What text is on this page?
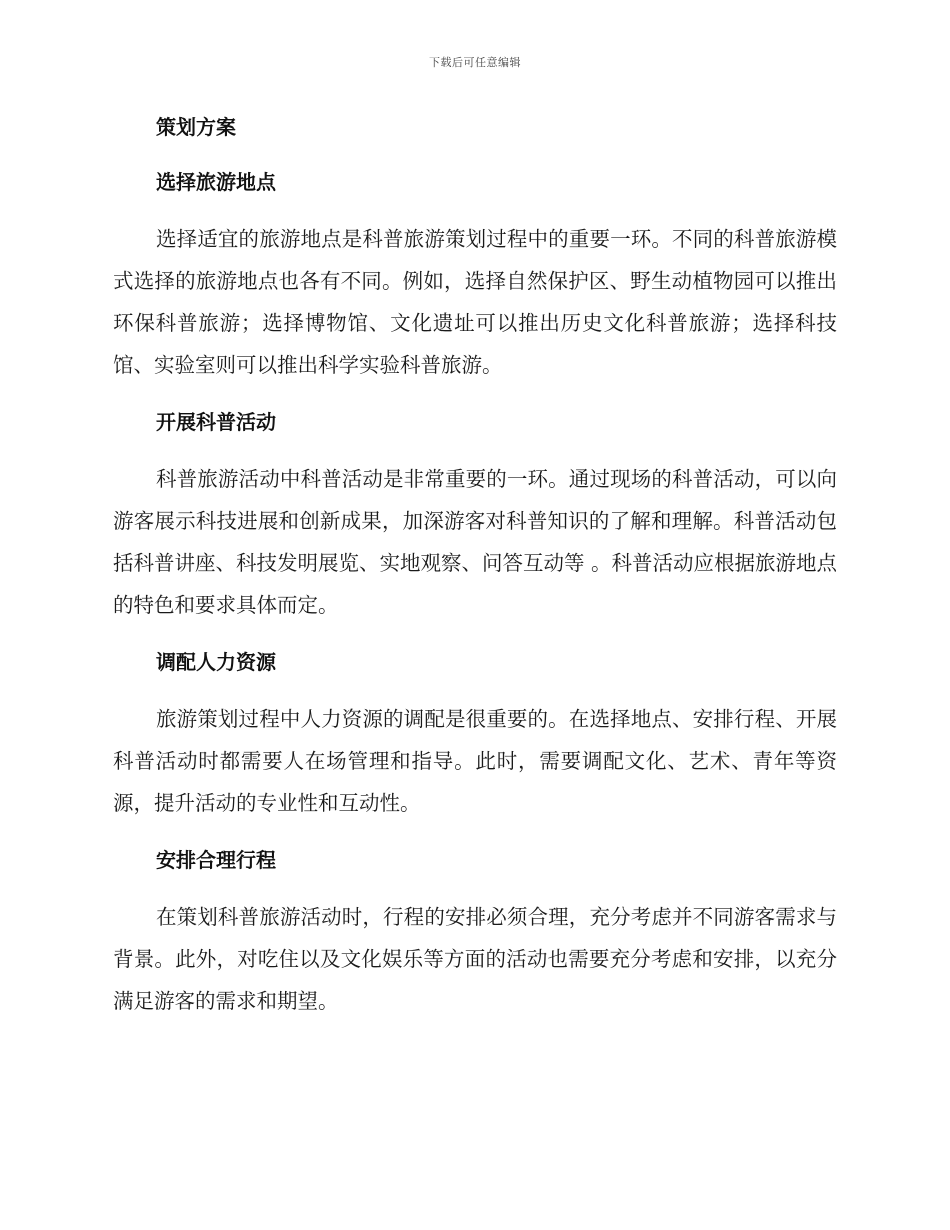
下载后可任意编辑
策划方案
选择旅游地点

选择适宜的旅游地点是科普旅游策划过程中的重要一环。不同的科普旅游模式选择的旅游地点也各有不同。例如，选择自然保护区、野生动植物园可以推出环保科普旅游；选择博物馆、文化遗址可以推出历史文化科普旅游；选择科技馆、实验室则可以推出科学实验科普旅游。

开展科普活动

科普旅游活动中科普活动是非常重要的一环。通过现场的科普活动，可以向游客展示科技进展和创新成果，加深游客对科普知识的了解和理解。科普活动包括科普讲座、科技发明展览、实地观察、问答互动等 。科普活动应根据旅游地点的特色和要求具体而定。

调配人力资源

旅游策划过程中人力资源的调配是很重要的。在选择地点、安排行程、开展科普活动时都需要人在场管理和指导。此时，需要调配文化、艺术、青年等资源，提升活动的专业性和互动性。

安排合理行程

在策划科普旅游活动时，行程的安排必须合理，充分考虑并不同游客需求与背景。此外，对吃住以及文化娱乐等方面的活动也需要充分考虑和安排，以充分满足游客的需求和期望。
